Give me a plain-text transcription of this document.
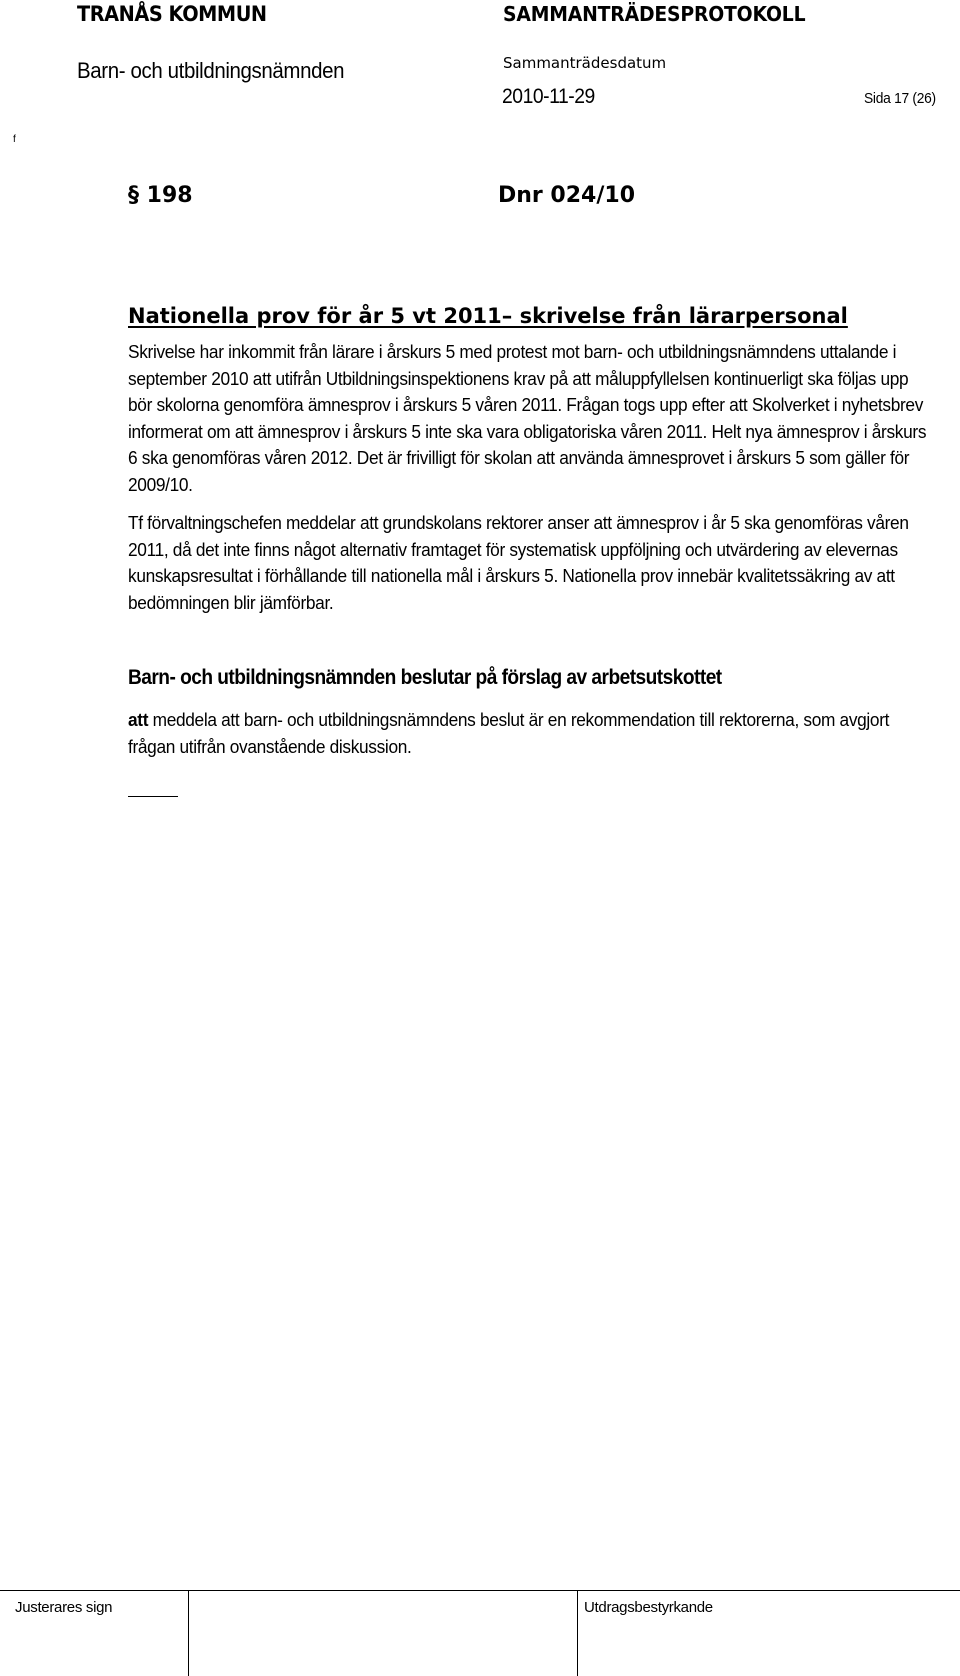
TRANÅS KOMMUN
Barn- och utbildningsnämnden
SAMMANTRÄDESPROTOKOLL
Sammanträdesdatum
2010-11-29	Sida 17 (26)
f
§ 198	Dnr 024/10
Nationella prov för år 5 vt 2011– skrivelse från lärarpersonal

Skrivelse har inkommit från lärare i årskurs 5 med protest mot barn- och utbildningsnämndens uttalande i september 2010 att utifrån Utbildningsinspektionens krav på att måluppfyllelsen kontinuerligt ska följas upp bör skolorna genomföra ämnesprov i årskurs 5 våren 2011. Frågan togs upp efter att Skolverket i nyhetsbrev informerat om att ämnesprov i årskurs 5 inte ska vara obligatoriska våren 2011. Helt nya ämnesprov i årskurs 6 ska genomföras våren 2012. Det är frivilligt för skolan att använda ämnesprovet i årskurs 5 som gäller för 2009/10.

Tf förvaltningschefen meddelar att grundskolans rektorer anser att ämnesprov i år 5 ska genomföras våren 2011, då det inte finns något alternativ framtaget för systematisk uppföljning och utvärdering av elevernas kunskapsresultat i förhållande till nationella mål i årskurs 5. Nationella prov innebär kvalitetssäkring av att bedömningen blir jämförbar.

Barn- och utbildningsnämnden beslutar på förslag av arbetsutskottet

att meddela att barn- och utbildningsnämndens beslut är en rekommendation till rektorerna, som avgjort frågan utifrån ovanstående diskussion.

Justerares sign	Utdragsbestyrkande
